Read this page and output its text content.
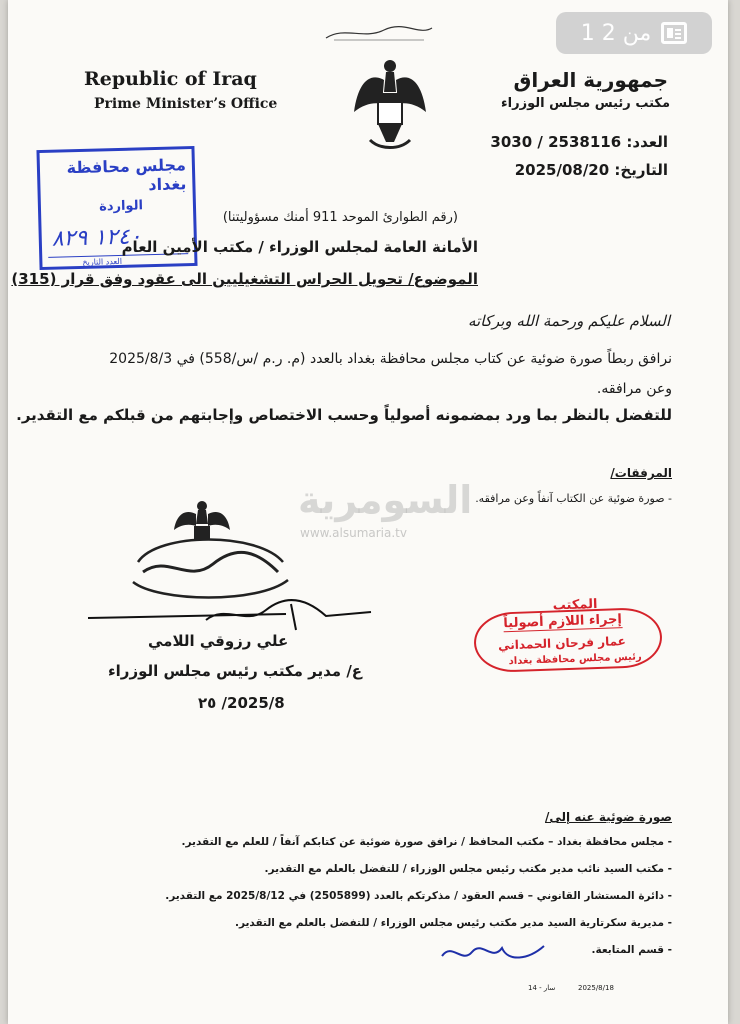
1 من 2
Republic of Iraq
Prime Minister’s Office
جمهورية العراق
مكتب رئيس مجلس الوزراء
العدد: 2538116 / 3030
التاريخ: 2025/08/20
مجلس محافظة بغداد
الواردة
١٢٤٠ ٨٢٩
العدد التاريخ
(رقم الطوارئ الموحد 911 أمنك مسؤوليتنا)
الأمانة العامة لمجلس الوزراء / مكتب الأمين العام
الموضوع/ تحويل الحراس التشغيليين الى عقود وفق قرار (315)
السلام عليكم ورحمة الله وبركاته
نرافق ربطاً صورة ضوئية عن كتاب مجلس محافظة بغداد بالعدد (م. ر.م /س/558) في 2025/8/3
وعن مرافقه.
للتفضل بالنظر بما ورد بمضمونه أصولياً وحسب الاختصاص وإجابتهم من قبلكم مع التقدير.
المرفقات/
- صورة ضوئية عن الكتاب آنفاً وعن مرافقه.
السومرية
www.alsumaria.tv
علي رزوقي اللامي
ع/ مدير مكتب رئيس مجلس الوزراء
2025/8/ ٢٥
المكتب
إجراء اللازم أصولياً
عمار فرحان الحمداني
رئيس مجلس محافظة بغداد
صورة ضوئية عنه إلى/
- مجلس محافظة بغداد – مكتب المحافظ / نرافق صورة ضوئية عن كتابكم آنفاً / للعلم مع التقدير.
- مكتب السيد نائب مدير مكتب رئيس مجلس الوزراء / للتفضل بالعلم مع التقدير.
- دائرة المستشار القانوني – قسم العقود / مذكرتكم بالعدد (2505899) في 2025/8/12 مع التقدير.
- مديرية سكرتارية السيد مدير مكتب رئيس مجلس الوزراء / للتفضل بالعلم مع التقدير.
- قسم المتابعة.
سار - 14	2025/8/18
